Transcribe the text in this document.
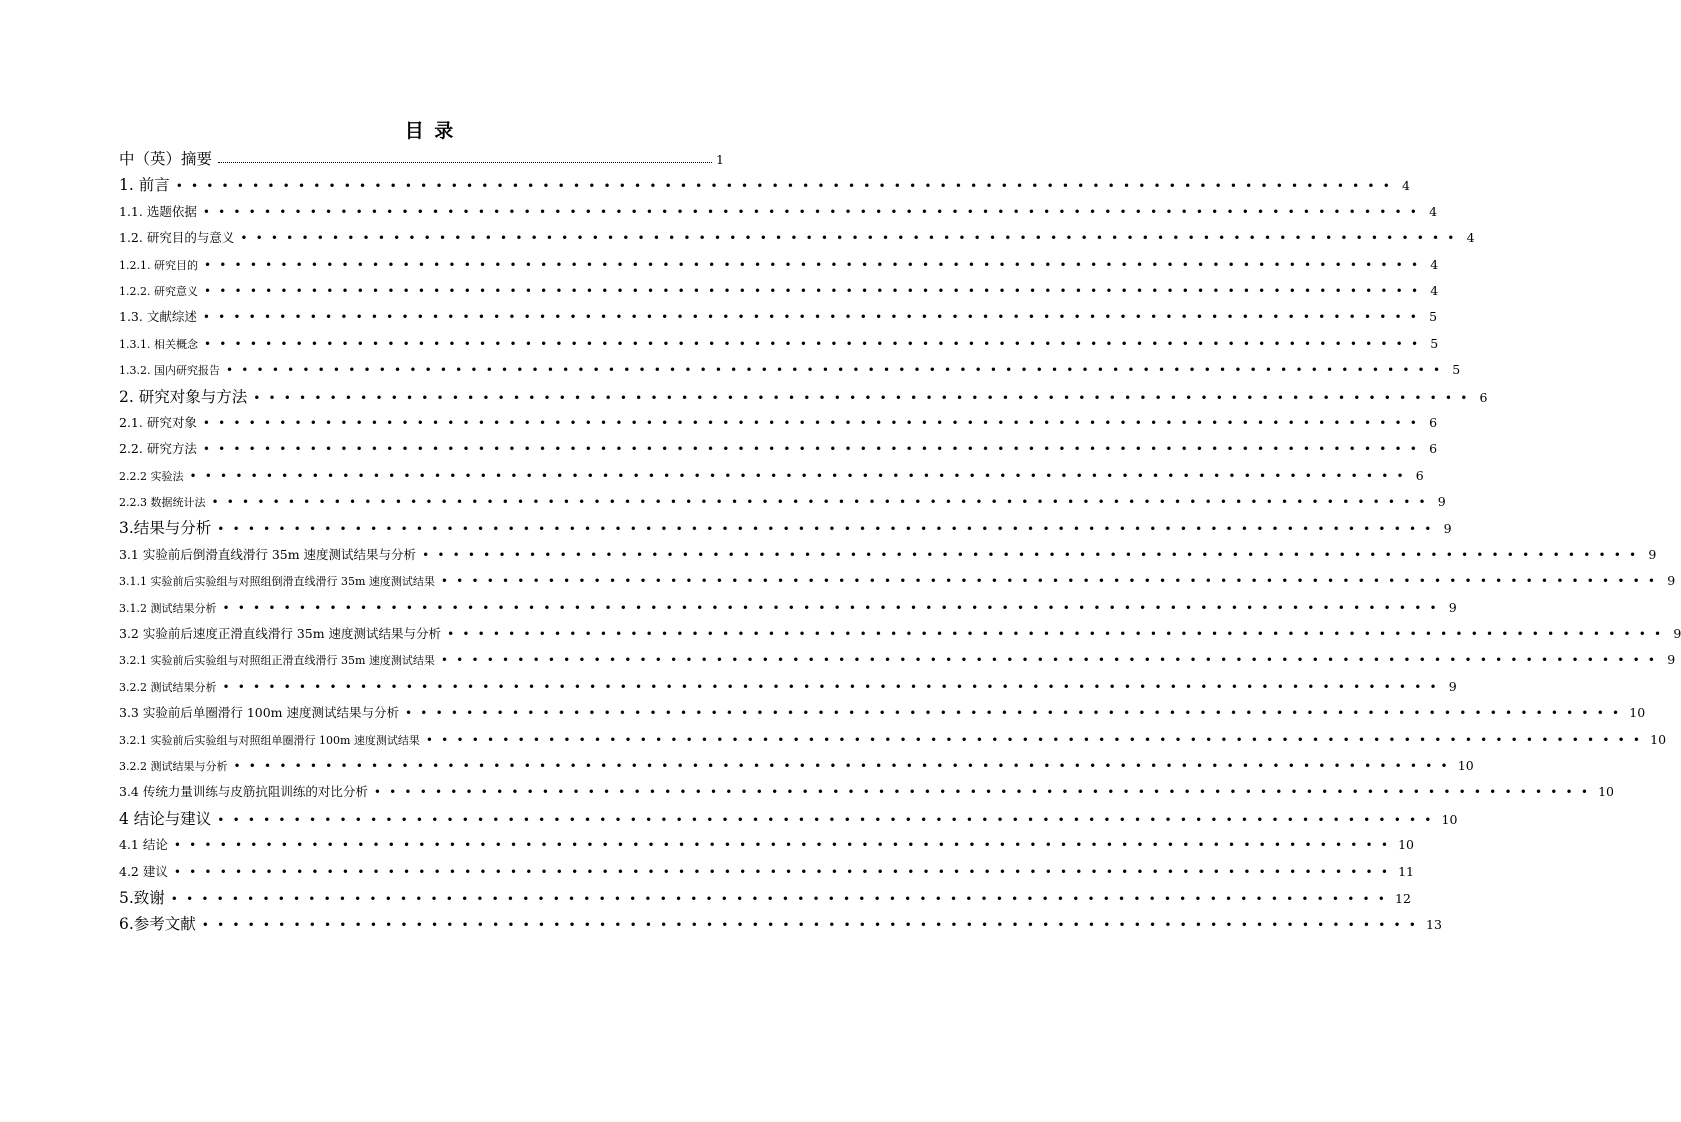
目 录
中（英）摘要	1
1. 前言 •••••••••••••••••••••••••••••••••••••••••••••••••••••••••••••••••••••••••••••••• 4
1.1. 选题依据 •••••••••••••••••••••••••••••••••••••••••••••••••••••••••••••••••••••••••••••••• 4
1.2. 研究目的与意义 •••••••••••••••••••••••••••••••••••••••••••••••••••••••••••••••••••••••••••••••• 4
1.2.1. 研究目的 •••••••••••••••••••••••••••••••••••••••••••••••••••••••••••••••••••••••••••••••• 4
1.2.2. 研究意义 •••••••••••••••••••••••••••••••••••••••••••••••••••••••••••••••••••••••••••••••• 4
1.3. 文献综述 •••••••••••••••••••••••••••••••••••••••••••••••••••••••••••••••••••••••••••••••• 5
1.3.1. 相关概念 •••••••••••••••••••••••••••••••••••••••••••••••••••••••••••••••••••••••••••••••• 5
1.3.2. 国内研究报告 •••••••••••••••••••••••••••••••••••••••••••••••••••••••••••••••••••••••••••••••• 5
2. 研究对象与方法 •••••••••••••••••••••••••••••••••••••••••••••••••••••••••••••••••••••••••••••••• 6
2.1. 研究对象 •••••••••••••••••••••••••••••••••••••••••••••••••••••••••••••••••••••••••••••••• 6
2.2. 研究方法 •••••••••••••••••••••••••••••••••••••••••••••••••••••••••••••••••••••••••••••••• 6
2.2.2 实验法 •••••••••••••••••••••••••••••••••••••••••••••••••••••••••••••••••••••••••••••••• 6
2.2.3 数据统计法 •••••••••••••••••••••••••••••••••••••••••••••••••••••••••••••••••••••••••••••••• 9
3.结果与分析 •••••••••••••••••••••••••••••••••••••••••••••••••••••••••••••••••••••••••••••••• 9
3.1 实验前后倒滑直线滑行 35m 速度测试结果与分析 •••••••••••••••••••••••••••••••••••••••••••••••••••••••••••••••••••••••••••••••• 9
3.1.1 实验前后实验组与对照组倒滑直线滑行 35m 速度测试结果 •••••••••••••••••••••••••••••••••••••••••••••••••••••••••••••••••••••••••••••••• 9
3.1.2 测试结果分析 •••••••••••••••••••••••••••••••••••••••••••••••••••••••••••••••••••••••••••••••• 9
3.2 实验前后速度正滑直线滑行 35m 速度测试结果与分析 •••••••••••••••••••••••••••••••••••••••••••••••••••••••••••••••••••••••••••••••• 9
3.2.1 实验前后实验组与对照组正滑直线滑行 35m 速度测试结果 •••••••••••••••••••••••••••••••••••••••••••••••••••••••••••••••••••••••••••••••• 9
3.2.2 测试结果分析 •••••••••••••••••••••••••••••••••••••••••••••••••••••••••••••••••••••••••••••••• 9
3.3 实验前后单圈滑行 100m 速度测试结果与分析 •••••••••••••••••••••••••••••••••••••••••••••••••••••••••••••••••••••••••••••••• 10
3.2.1 实验前后实验组与对照组单圈滑行 100m 速度测试结果 •••••••••••••••••••••••••••••••••••••••••••••••••••••••••••••••••••••••••••••••• 10
3.2.2 测试结果与分析 •••••••••••••••••••••••••••••••••••••••••••••••••••••••••••••••••••••••••••••••• 10
3.4 传统力量训练与皮筋抗阻训练的对比分析 •••••••••••••••••••••••••••••••••••••••••••••••••••••••••••••••••••••••••••••••• 10
4 结论与建议 •••••••••••••••••••••••••••••••••••••••••••••••••••••••••••••••••••••••••••••••• 10
4.1 结论 •••••••••••••••••••••••••••••••••••••••••••••••••••••••••••••••••••••••••••••••• 10
4.2 建议 •••••••••••••••••••••••••••••••••••••••••••••••••••••••••••••••••••••••••••••••• 11
5.致谢 •••••••••••••••••••••••••••••••••••••••••••••••••••••••••••••••••••••••••••••••• 12
6.参考文献 •••••••••••••••••••••••••••••••••••••••••••••••••••••••••••••••••••••••••••••••• 13
